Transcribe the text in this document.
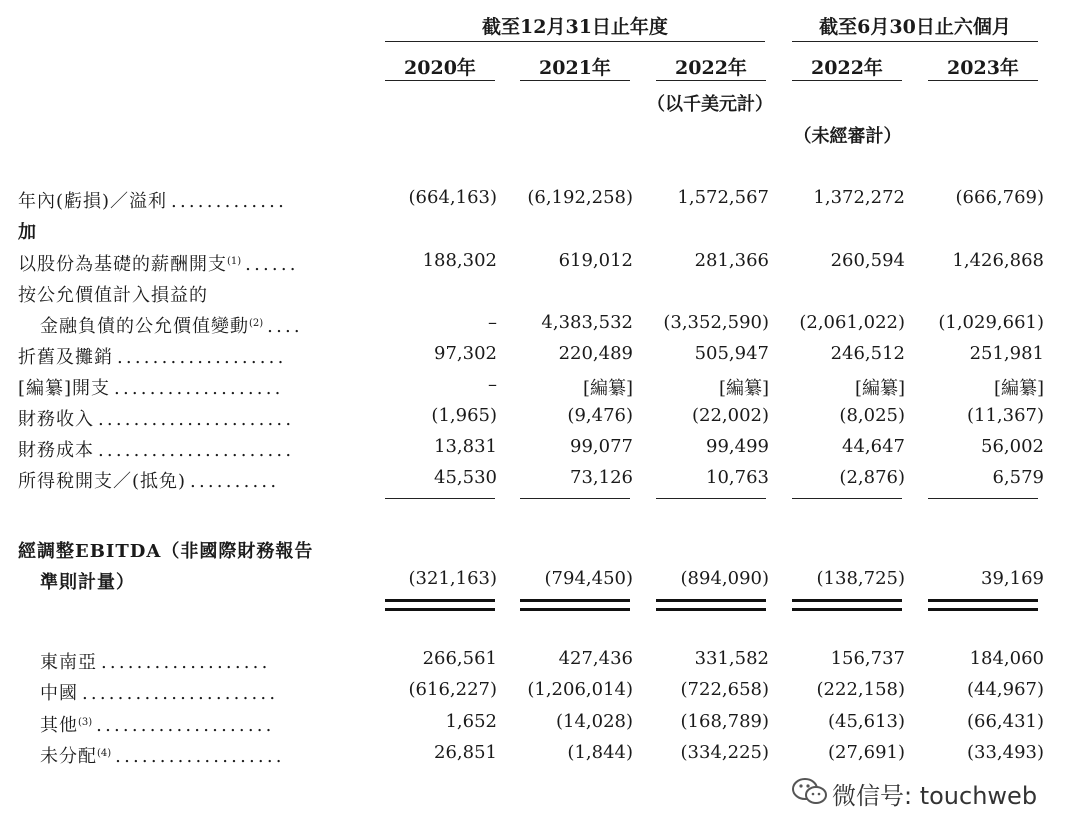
截至12月31日止年度	截至6月30日止六個月
2020年	2021年	2022年	2022年	2023年
（以千美元計）
（未經審計）
年內(虧損)／溢利 .............	(664,163)	(6,192,258)	1,572,567	1,372,272	(666,769)
加
以股份為基礎的薪酬開支$^{(1)}$ ......	188,302	619,012	281,366	260,594	1,426,868
按公允價值計入損益的
金融負債的公允價值變動$^{(2)}$ ....	–	4,383,532	(3,352,590)	(2,061,022)	(1,029,661)
折舊及攤銷 ...................	97,302	220,489	505,947	246,512	251,981
[編纂]開支 ...................	–	[編纂]	[編纂]	[編纂]	[編纂]
財務收入 ......................	(1,965)	(9,476)	(22,002)	(8,025)	(11,367)
財務成本 ......................	13,831	99,077	99,499	44,647	56,002
所得稅開支／(抵免) ..........	45,530	73,126	10,763	(2,876)	6,579
經調整EBITDA（非國際財務報告
準則計量）	(321,163)	(794,450)	(894,090)	(138,725)	39,169
東南亞 ...................	266,561	427,436	331,582	156,737	184,060
中國 ......................	(616,227)	(1,206,014)	(722,658)	(222,158)	(44,967)
其他$^{(3)}$ ....................	1,652	(14,028)	(168,789)	(45,613)	(66,431)
未分配$^{(4)}$ ...................	26,851	(1,844)	(334,225)	(27,691)	(33,493)
微信号: touchweb
